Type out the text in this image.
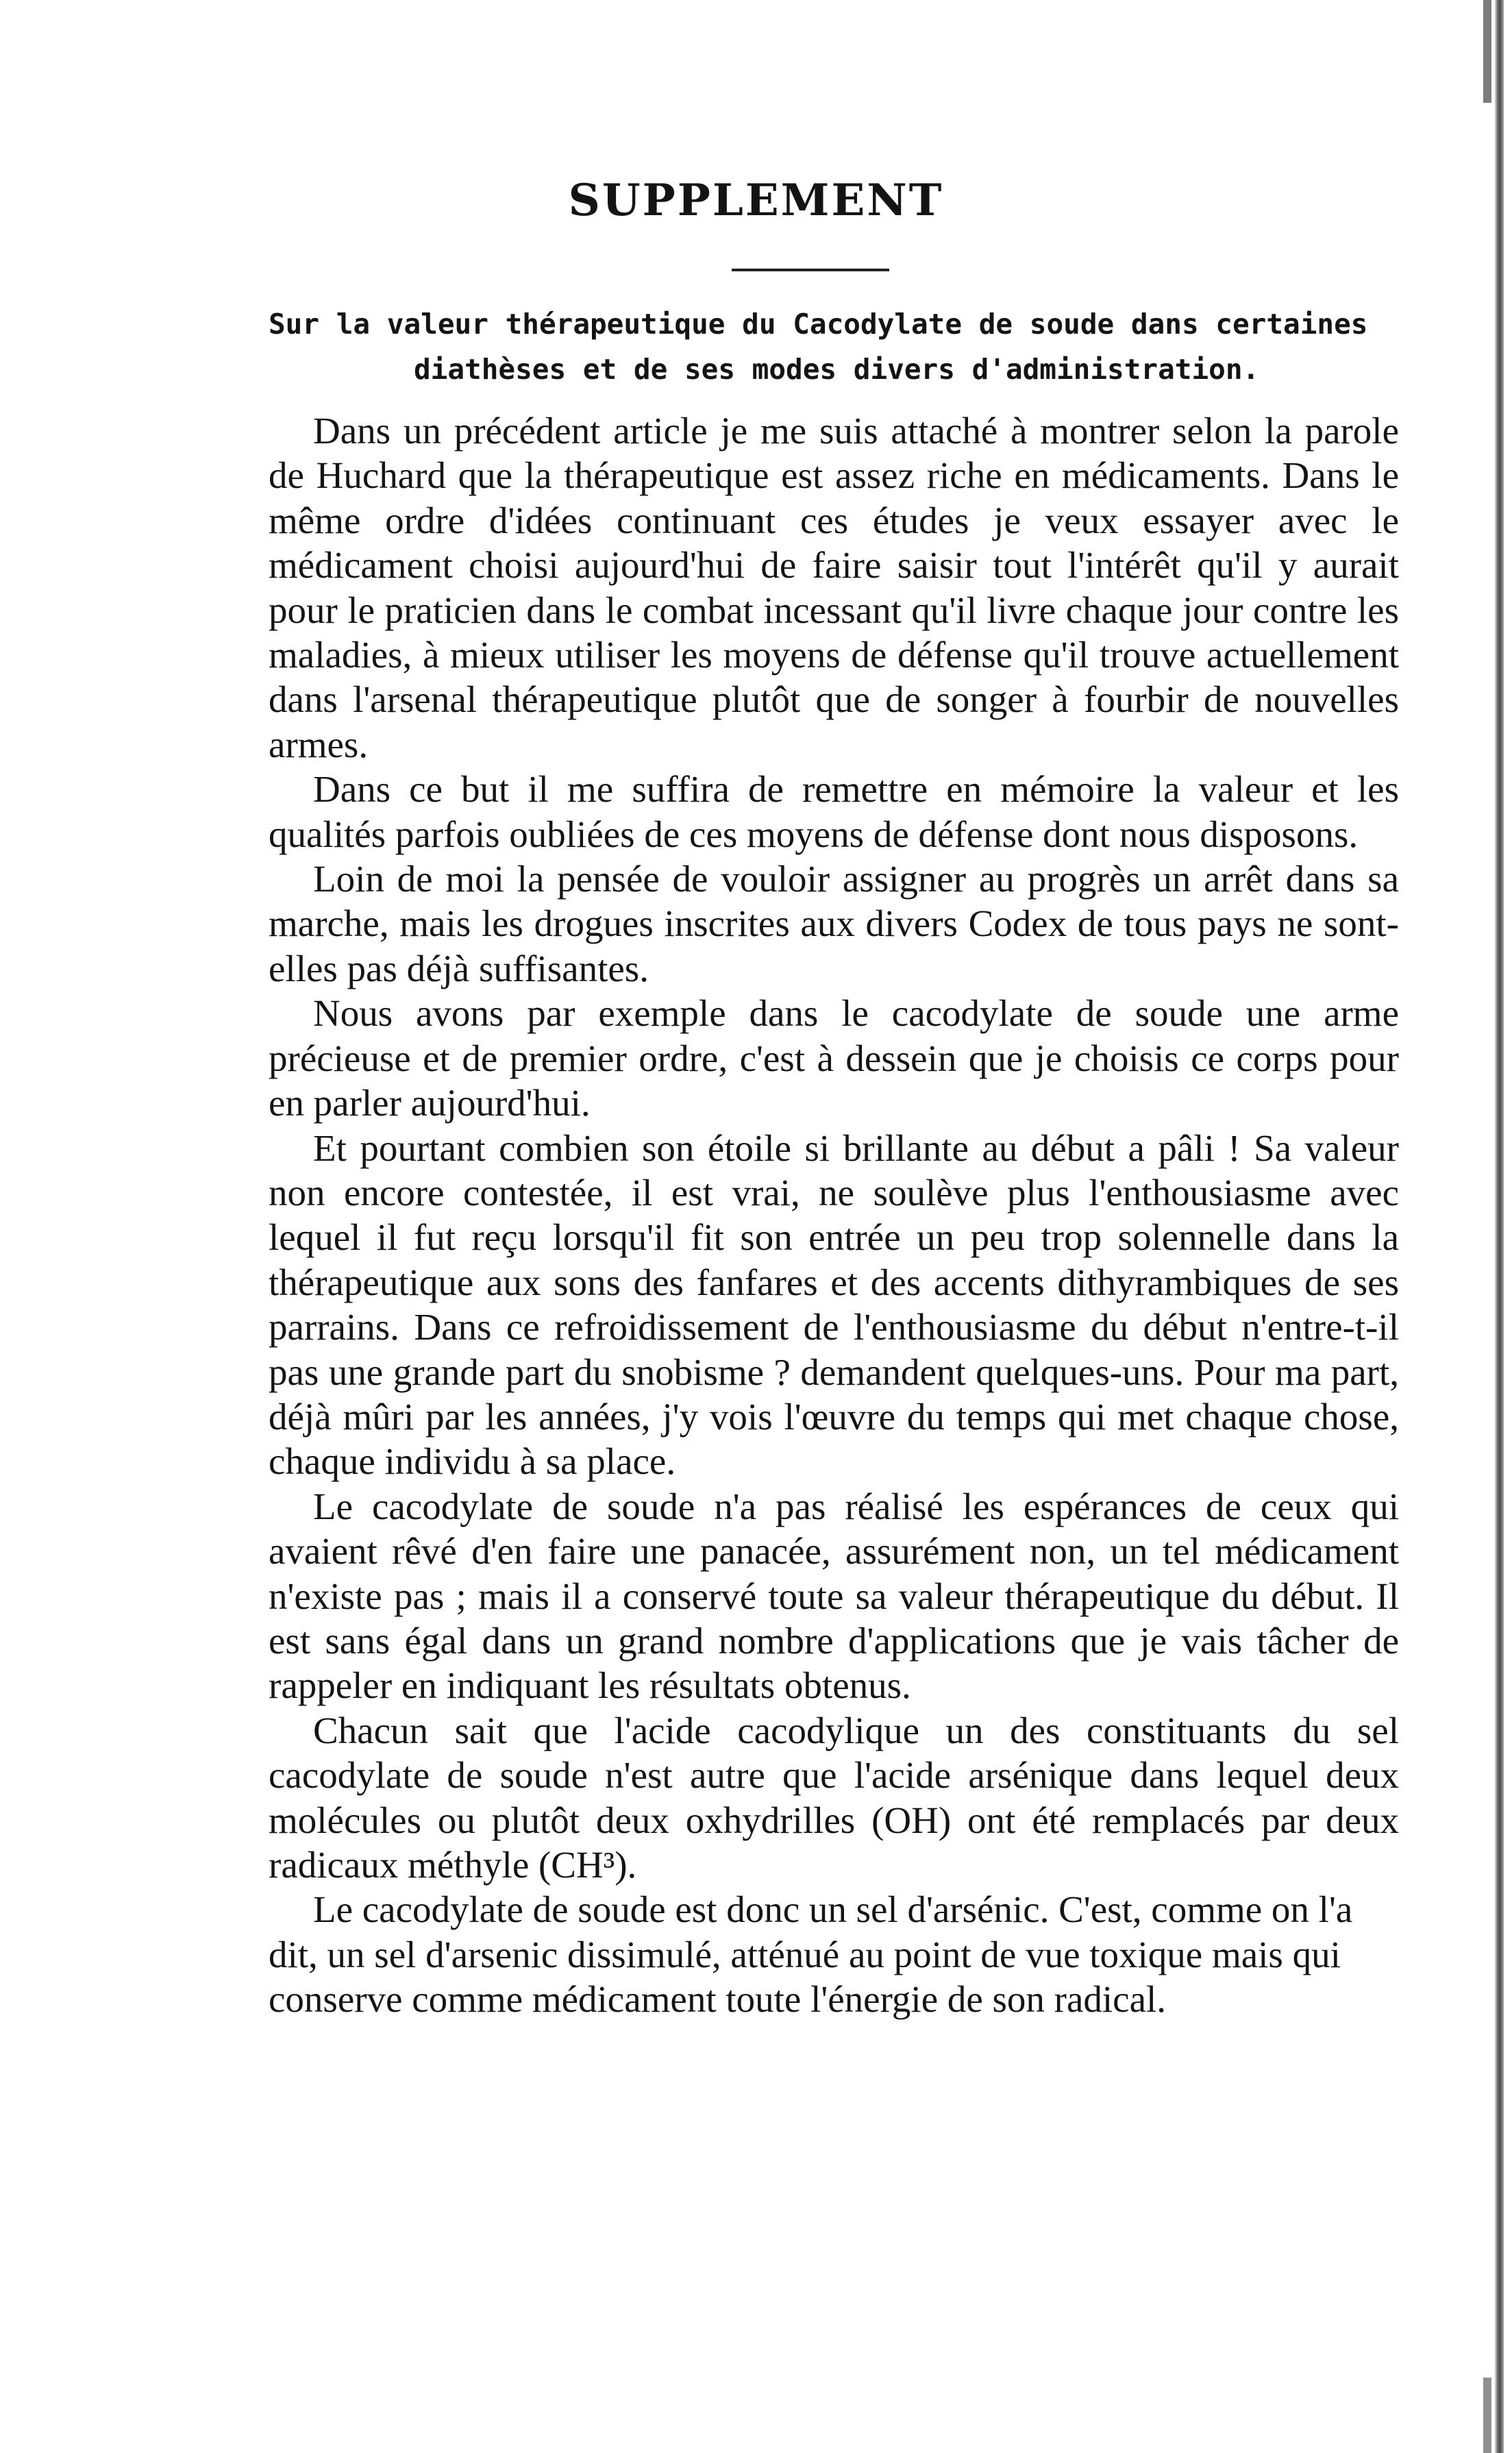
SUPPLEMENT
Sur la valeur thérapeutique du Cacodylate de soude dans certaines

diathèses et de ses modes divers d'administration.

Dans un précédent article je me suis attaché à montrer selon la parole de Huchard que la thérapeutique est assez riche en médicaments. Dans le même ordre d'idées continuant ces études je veux essayer avec le médicament choisi aujourd'hui de faire saisir tout l'intérêt qu'il y aurait pour le praticien dans le combat incessant qu'il livre chaque jour contre les maladies, à mieux utiliser les moyens de défense qu'il trouve actuellement dans l'arsenal thérapeutique plutôt que de songer à fourbir de nouvelles armes.

Dans ce but il me suffira de remettre en mémoire la valeur et les qualités parfois oubliées de ces moyens de défense dont nous disposons.

Loin de moi la pensée de vouloir assigner au progrès un arrêt dans sa marche, mais les drogues inscrites aux divers Codex de tous pays ne sont-elles pas déjà suffisantes.

Nous avons par exemple dans le cacodylate de soude une arme précieuse et de premier ordre, c'est à dessein que je choisis ce corps pour en parler aujourd'hui.

Et pourtant combien son étoile si brillante au début a pâli ! Sa valeur non encore contestée, il est vrai, ne soulève plus l'enthousiasme avec lequel il fut reçu lorsqu'il fit son entrée un peu trop solennelle dans la thérapeutique aux sons des fanfares et des accents dithyrambiques de ses parrains. Dans ce refroidissement de l'enthousiasme du début n'entre-t-il pas une grande part du snobisme ? demandent quelques-uns. Pour ma part, déjà mûri par les années, j'y vois l'œuvre du temps qui met chaque chose, chaque individu à sa place.

Le cacodylate de soude n'a pas réalisé les espérances de ceux qui avaient rêvé d'en faire une panacée, assurément non, un tel médicament n'existe pas ; mais il a conservé toute sa valeur thérapeutique du début. Il est sans égal dans un grand nombre d'applications que je vais tâcher de rappeler en indiquant les résultats obtenus.

Chacun sait que l'acide cacodylique un des constituants du sel cacodylate de soude n'est autre que l'acide arsénique dans lequel deux molécules ou plutôt deux oxhydrilles (OH) ont été remplacés par deux radicaux méthyle (CH³).

Le cacodylate de soude est donc un sel d'arsénic. C'est, comme on l'a dit, un sel d'arsenic dissimulé, atténué au point de vue toxique mais qui conserve comme médicament toute l'énergie de son radical.
